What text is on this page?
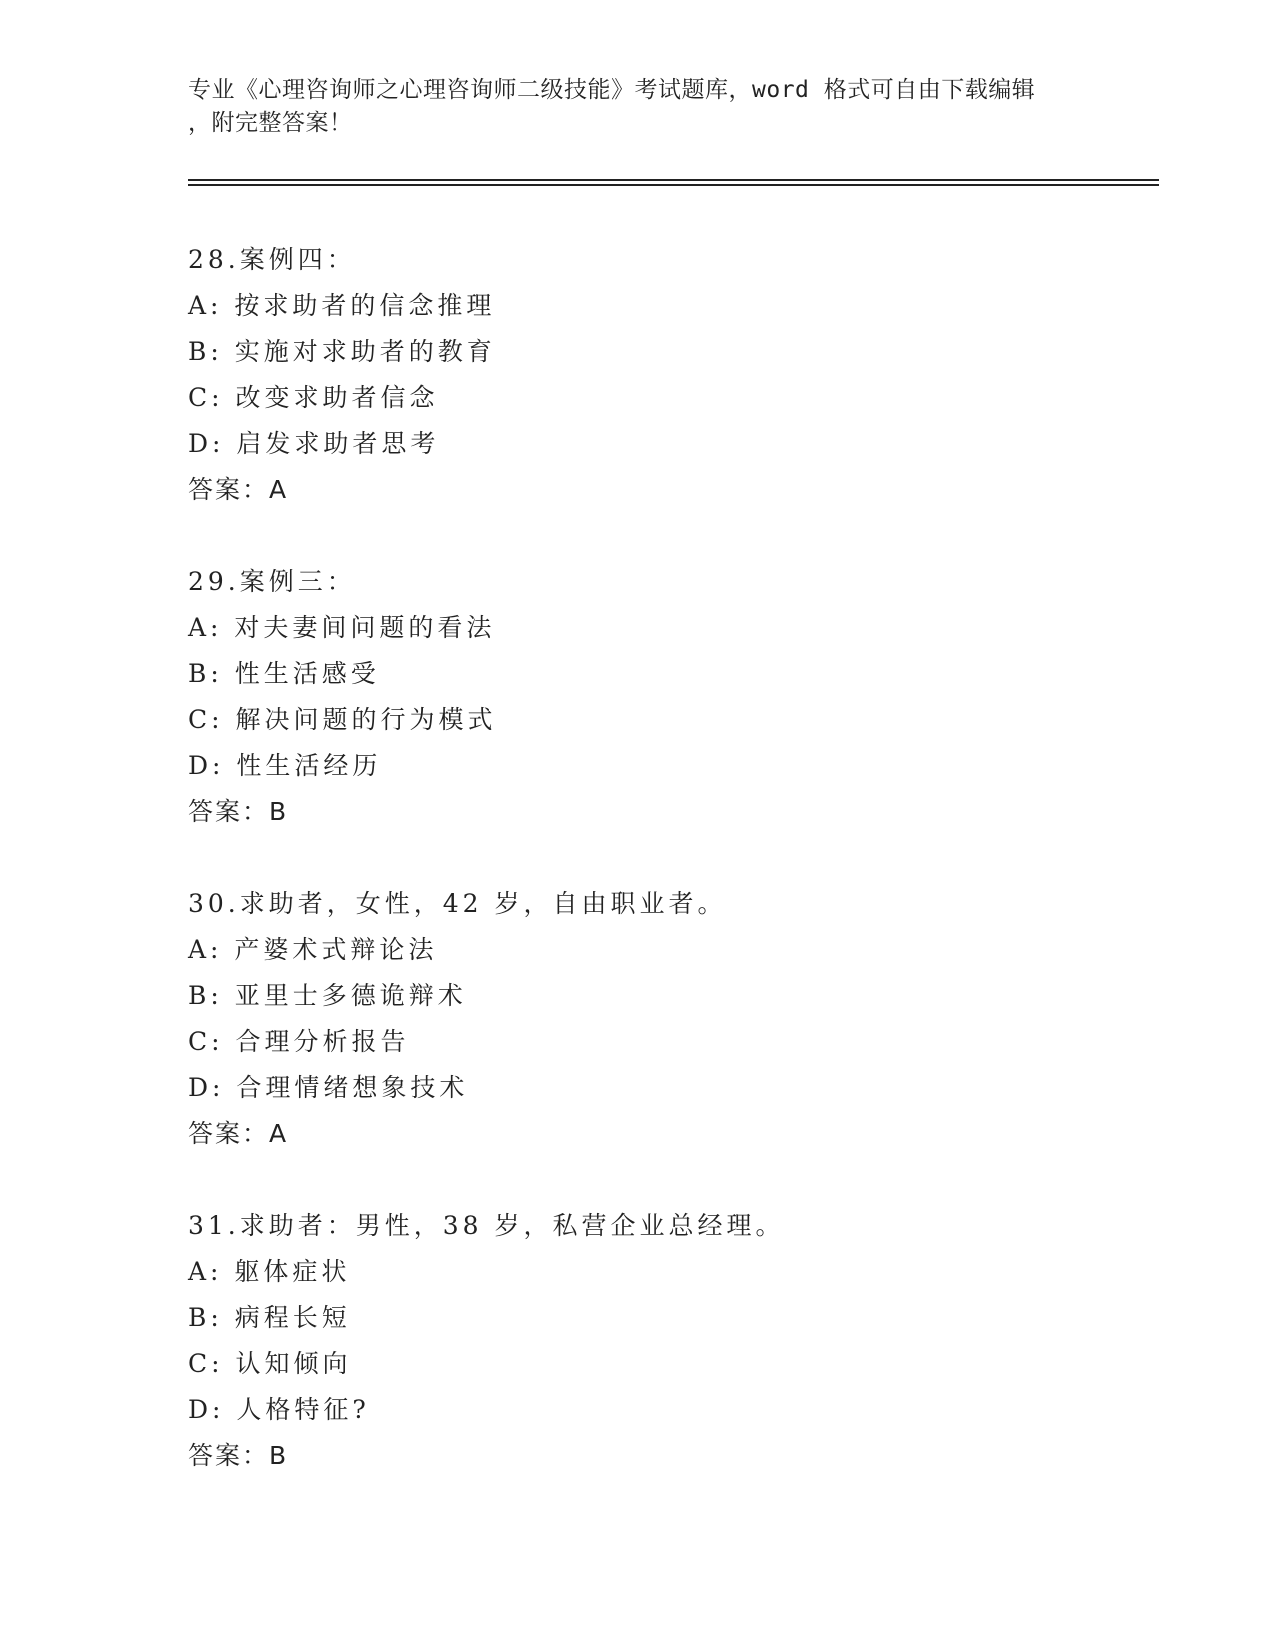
专业《心理咨询师之心理咨询师二级技能》考试题库，word 格式可自由下载编辑
，附完整答案！
28.案例四：
A: 按求助者的信念推理
B: 实施对求助者的教育
C: 改变求助者信念
D: 启发求助者思考
答案：A
29.案例三：
A: 对夫妻间问题的看法
B: 性生活感受
C: 解决问题的行为模式
D: 性生活经历
答案：B
30.求助者，女性，42 岁，自由职业者。
A: 产婆术式辩论法
B: 亚里士多德诡辩术
C: 合理分析报告
D: 合理情绪想象技术
答案：A
31.求助者：男性，38 岁，私营企业总经理。
A: 躯体症状
B: 病程长短
C: 认知倾向
D: 人格特征?
答案：B
